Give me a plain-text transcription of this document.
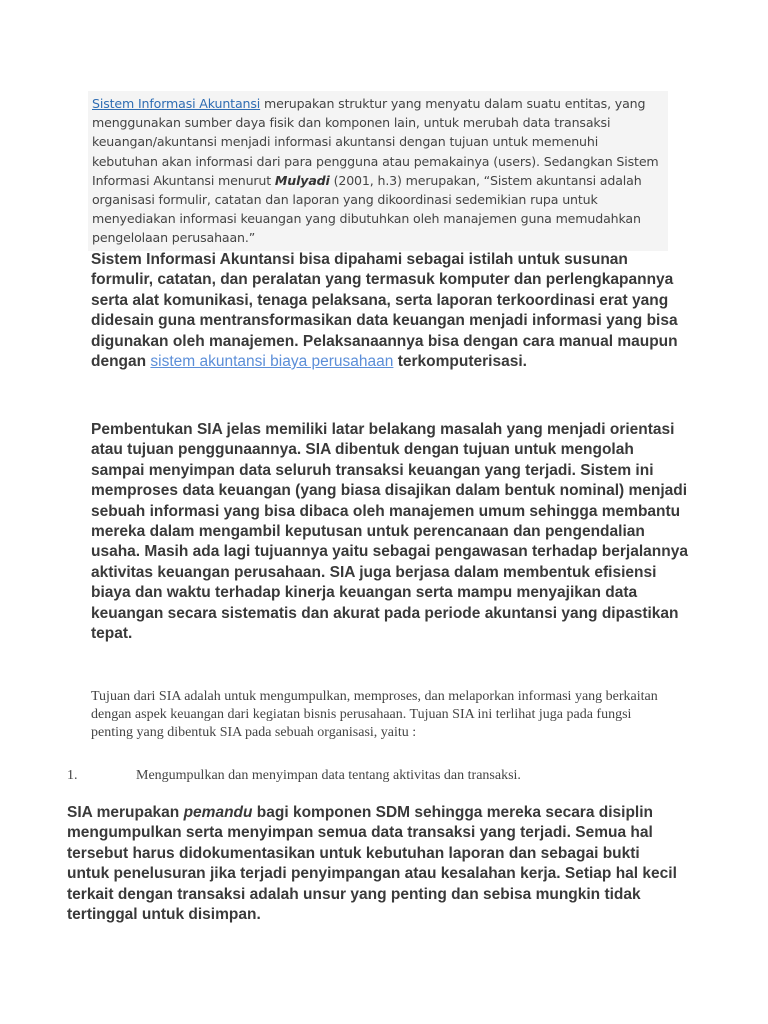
Sistem Informasi Akuntansi merupakan struktur yang menyatu dalam suatu entitas, yang menggunakan sumber daya fisik dan komponen lain, untuk merubah data transaksi keuangan/akuntansi menjadi informasi akuntansi dengan tujuan untuk memenuhi kebutuhan akan informasi dari para pengguna atau pemakainya (users). Sedangkan Sistem Informasi Akuntansi menurut Mulyadi (2001, h.3) merupakan, “Sistem akuntansi adalah organisasi formulir, catatan dan laporan yang dikoordinasi sedemikian rupa untuk menyediakan informasi keuangan yang dibutuhkan oleh manajemen guna memudahkan pengelolaan perusahaan.”

Sistem Informasi Akuntansi bisa dipahami sebagai istilah untuk susunan formulir, catatan, dan peralatan yang termasuk komputer dan perlengkapannya serta alat komunikasi, tenaga pelaksana, serta laporan terkoordinasi erat yang didesain guna mentransformasikan data keuangan menjadi informasi yang bisa digunakan oleh manajemen. Pelaksanaannya bisa dengan cara manual maupun dengan sistem akuntansi biaya perusahaan terkomputerisasi.

Pembentukan SIA jelas memiliki latar belakang masalah yang menjadi orientasi atau tujuan penggunaannya. SIA dibentuk dengan tujuan untuk mengolah sampai menyimpan data seluruh transaksi keuangan yang terjadi. Sistem ini memproses data keuangan (yang biasa disajikan dalam bentuk nominal) menjadi sebuah informasi yang bisa dibaca oleh manajemen umum sehingga membantu mereka dalam mengambil keputusan untuk perencanaan dan pengendalian usaha. Masih ada lagi tujuannya yaitu sebagai pengawasan terhadap berjalannya aktivitas keuangan perusahaan. SIA juga berjasa dalam membentuk efisiensi biaya dan waktu terhadap kinerja keuangan serta mampu menyajikan data keuangan secara sistematis dan akurat pada periode akuntansi yang dipastikan tepat.

Tujuan dari SIA adalah untuk mengumpulkan, memproses, dan melaporkan informasi yang berkaitan dengan aspek keuangan dari kegiatan bisnis perusahaan. Tujuan SIA ini terlihat juga pada fungsi penting yang dibentuk SIA pada sebuah organisasi, yaitu :

1.	Mengumpulkan dan menyimpan data tentang aktivitas dan transaksi.

SIA merupakan pemandu bagi komponen SDM sehingga mereka secara disiplin mengumpulkan serta menyimpan semua data transaksi yang terjadi. Semua hal tersebut harus didokumentasikan untuk kebutuhan laporan dan sebagai bukti untuk penelusuran jika terjadi penyimpangan atau kesalahan kerja. Setiap hal kecil terkait dengan transaksi adalah unsur yang penting dan sebisa mungkin tidak tertinggal untuk disimpan.
